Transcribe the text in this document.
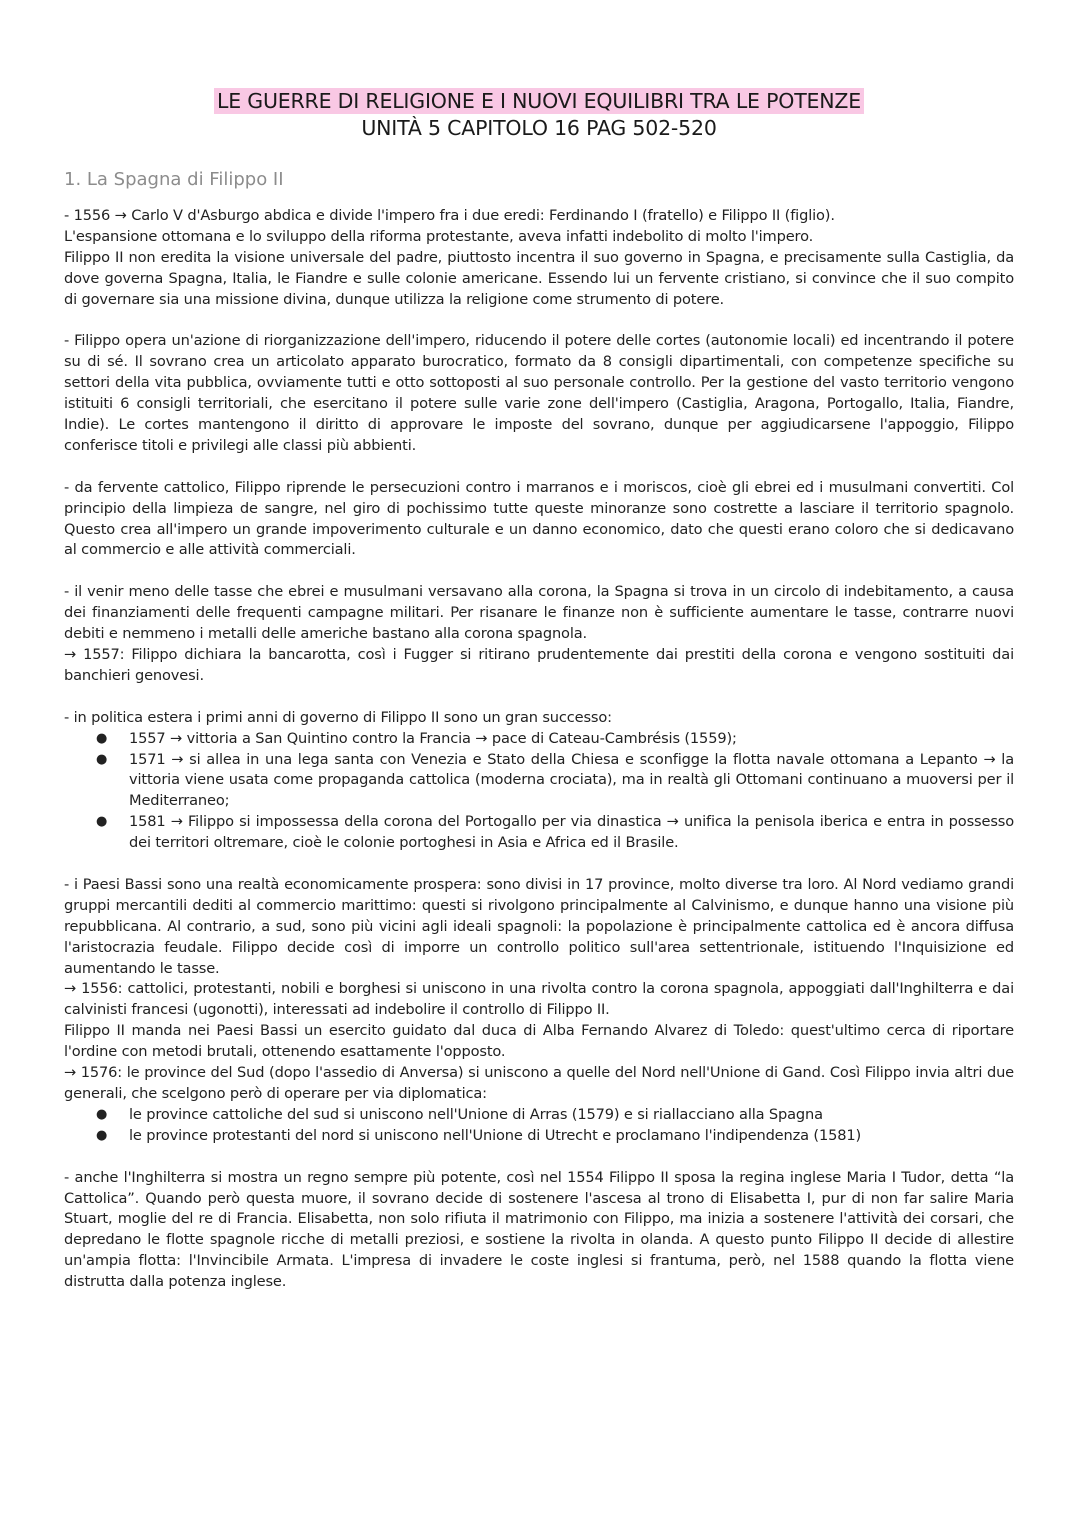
LE GUERRE DI RELIGIONE E I NUOVI EQUILIBRI TRA LE POTENZE
UNITÀ 5 CAPITOLO 16 PAG 502-520
1. La Spagna di Filippo II

- 1556 → Carlo V d'Asburgo abdica e divide l'impero fra i due eredi: Ferdinando I (fratello) e Filippo II (figlio).

L'espansione ottomana e lo sviluppo della riforma protestante, aveva infatti indebolito di molto l'impero.

Filippo II non eredita la visione universale del padre, piuttosto incentra il suo governo in Spagna, e precisamente sulla Castiglia, da dove governa Spagna, Italia, le Fiandre e sulle colonie americane. Essendo lui un fervente cristiano, si convince che il suo compito di governare sia una missione divina, dunque utilizza la religione come strumento di potere.

- Filippo opera un'azione di riorganizzazione dell'impero, riducendo il potere delle cortes (autonomie locali) ed incentrando il potere su di sé. Il sovrano crea un articolato apparato burocratico, formato da 8 consigli dipartimentali, con competenze specifiche su settori della vita pubblica, ovviamente tutti e otto sottoposti al suo personale controllo. Per la gestione del vasto territorio vengono istituiti 6 consigli territoriali, che esercitano il potere sulle varie zone dell'impero (Castiglia, Aragona, Portogallo, Italia, Fiandre, Indie). Le cortes mantengono il diritto di approvare le imposte del sovrano, dunque per aggiudicarsene l'appoggio, Filippo conferisce titoli e privilegi alle classi più abbienti.

- da fervente cattolico, Filippo riprende le persecuzioni contro i marranos e i moriscos, cioè gli ebrei ed i musulmani convertiti. Col principio della limpieza de sangre, nel giro di pochissimo tutte queste minoranze sono costrette a lasciare il territorio spagnolo. Questo crea all'impero un grande impoverimento culturale e un danno economico, dato che questi erano coloro che si dedicavano al commercio e alle attività commerciali.

- il venir meno delle tasse che ebrei e musulmani versavano alla corona, la Spagna si trova in un circolo di indebitamento, a causa dei finanziamenti delle frequenti campagne militari. Per risanare le finanze non è sufficiente aumentare le tasse, contrarre nuovi debiti e nemmeno i metalli delle americhe bastano alla corona spagnola.

→ 1557: Filippo dichiara la bancarotta, così i Fugger si ritirano prudentemente dai prestiti della corona e vengono sostituiti dai banchieri genovesi.

- in politica estera i primi anni di governo di Filippo II sono un gran successo:

● 1557 → vittoria a San Quintino contro la Francia → pace di Cateau-Cambrésis (1559);
● 1571 → si allea in una lega santa con Venezia e Stato della Chiesa e sconfigge la flotta navale ottomana a Lepanto → la vittoria viene usata come propaganda cattolica (moderna crociata), ma in realtà gli Ottomani continuano a muoversi per il Mediterraneo;
● 1581 → Filippo si impossessa della corona del Portogallo per via dinastica → unifica la penisola iberica e entra in possesso dei territori oltremare, cioè le colonie portoghesi in Asia e Africa ed il Brasile.

- i Paesi Bassi sono una realtà economicamente prospera: sono divisi in 17 province, molto diverse tra loro. Al Nord vediamo grandi gruppi mercantili dediti al commercio marittimo: questi si rivolgono principalmente al Calvinismo, e dunque hanno una visione più repubblicana. Al contrario, a sud, sono più vicini agli ideali spagnoli: la popolazione è principalmente cattolica ed è ancora diffusa l'aristocrazia feudale. Filippo decide così di imporre un controllo politico sull'area settentrionale, istituendo l'Inquisizione ed aumentando le tasse.

→ 1556: cattolici, protestanti, nobili e borghesi si uniscono in una rivolta contro la corona spagnola, appoggiati dall'Inghilterra e dai calvinisti francesi (ugonotti), interessati ad indebolire il controllo di Filippo II.

Filippo II manda nei Paesi Bassi un esercito guidato dal duca di Alba Fernando Alvarez di Toledo: quest'ultimo cerca di riportare l'ordine con metodi brutali, ottenendo esattamente l'opposto.

→ 1576: le province del Sud (dopo l'assedio di Anversa) si uniscono a quelle del Nord nell'Unione di Gand. Così Filippo invia altri due generali, che scelgono però di operare per via diplomatica:

● le province cattoliche del sud si uniscono nell'Unione di Arras (1579) e si riallacciano alla Spagna
● le province protestanti del nord si uniscono nell'Unione di Utrecht e proclamano l'indipendenza (1581)

- anche l'Inghilterra si mostra un regno sempre più potente, così nel 1554 Filippo II sposa la regina inglese Maria I Tudor, detta “la Cattolica”. Quando però questa muore, il sovrano decide di sostenere l'ascesa al trono di Elisabetta I, pur di non far salire Maria Stuart, moglie del re di Francia. Elisabetta, non solo rifiuta il matrimonio con Filippo, ma inizia a sostenere l'attività dei corsari, che depredano le flotte spagnole ricche di metalli preziosi, e sostiene la rivolta in olanda. A questo punto Filippo II decide di allestire un'ampia flotta: l'Invincibile Armata. L'impresa di invadere le coste inglesi si frantuma, però, nel 1588 quando la flotta viene distrutta dalla potenza inglese.
